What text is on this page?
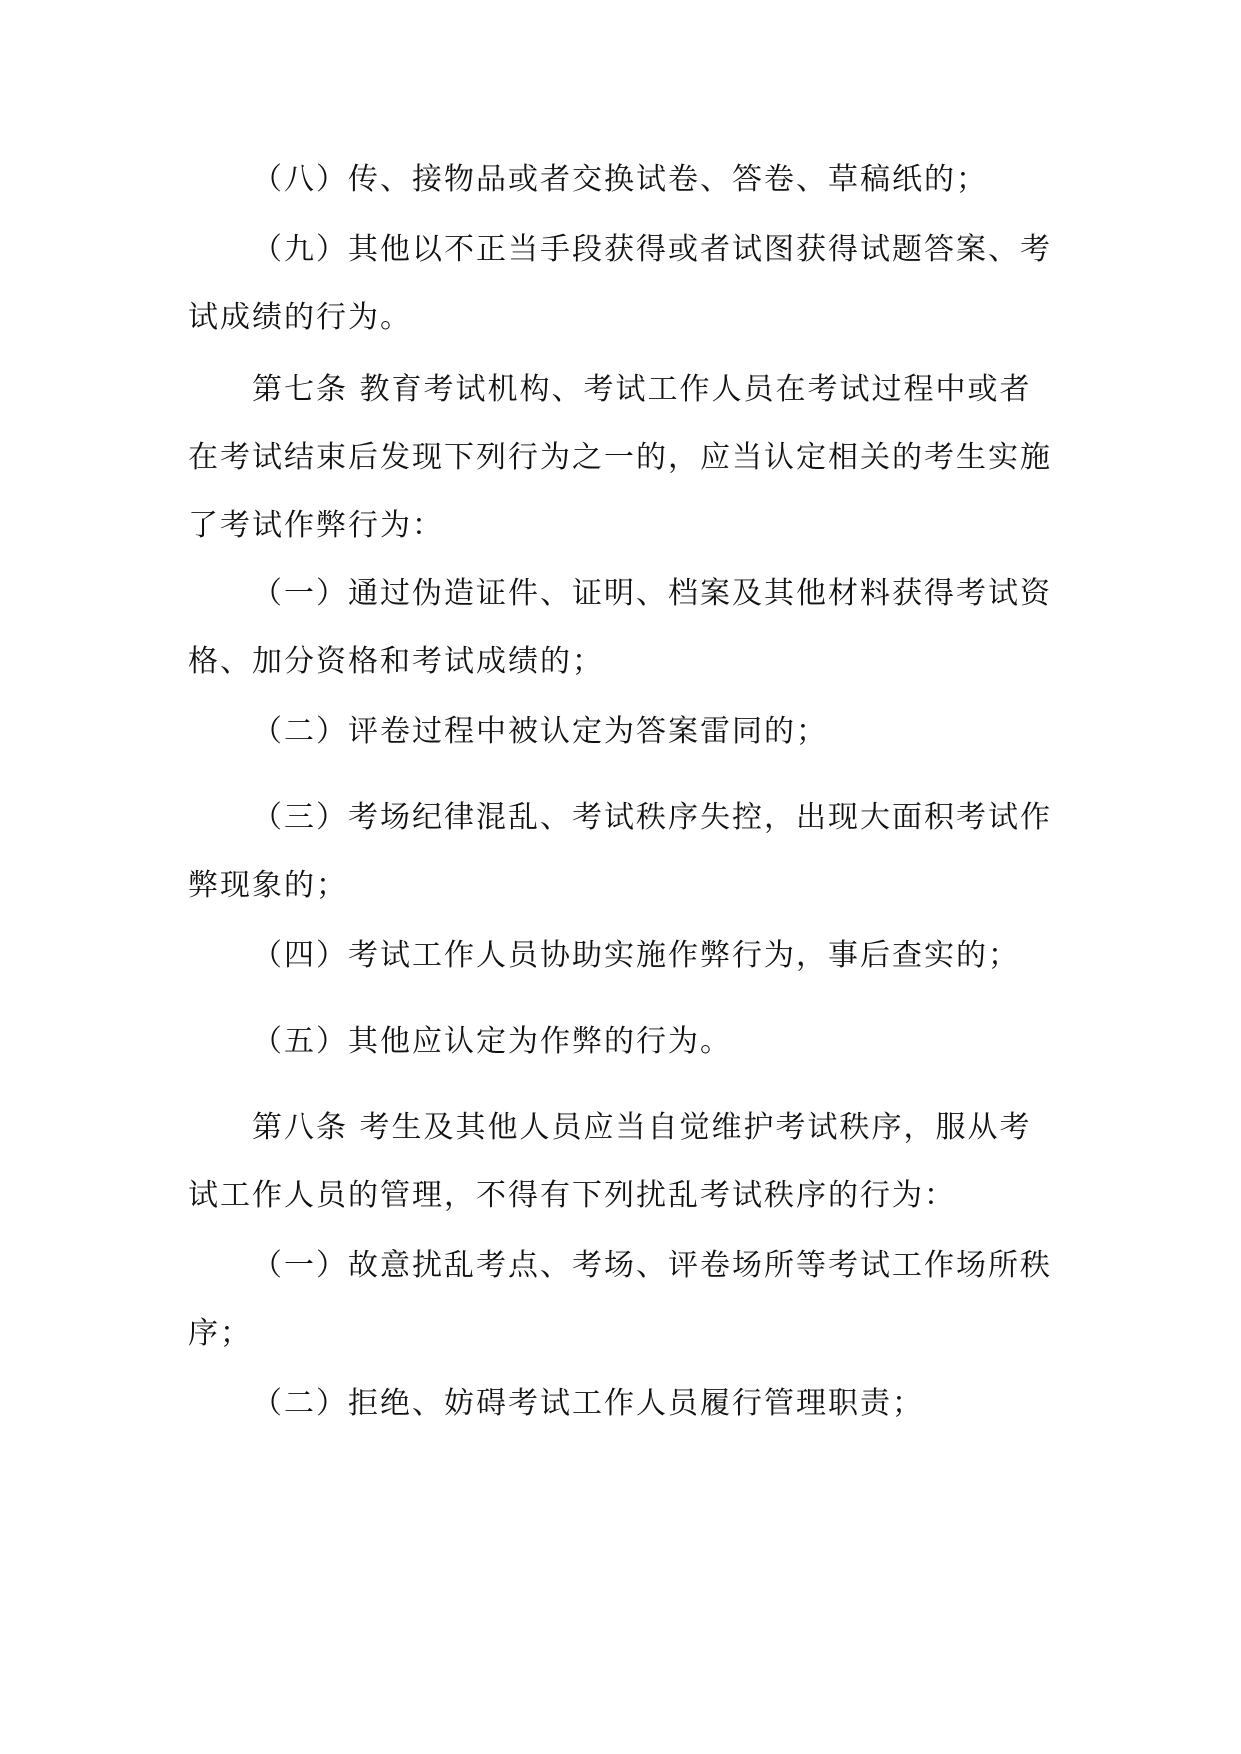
（八）传、接物品或者交换试卷、答卷、草稿纸的；

（九）其他以不正当手段获得或者试图获得试题答案、考试成绩的行为。

第七条 教育考试机构、考试工作人员在考试过程中或者在考试结束后发现下列行为之一的，应当认定相关的考生实施了考试作弊行为：

（一）通过伪造证件、证明、档案及其他材料获得考试资格、加分资格和考试成绩的；

（二）评卷过程中被认定为答案雷同的；

（三）考场纪律混乱、考试秩序失控，出现大面积考试作弊现象的；

（四）考试工作人员协助实施作弊行为，事后查实的；

（五）其他应认定为作弊的行为。

第八条 考生及其他人员应当自觉维护考试秩序，服从考试工作人员的管理，不得有下列扰乱考试秩序的行为：

（一）故意扰乱考点、考场、评卷场所等考试工作场所秩序；

（二）拒绝、妨碍考试工作人员履行管理职责；
